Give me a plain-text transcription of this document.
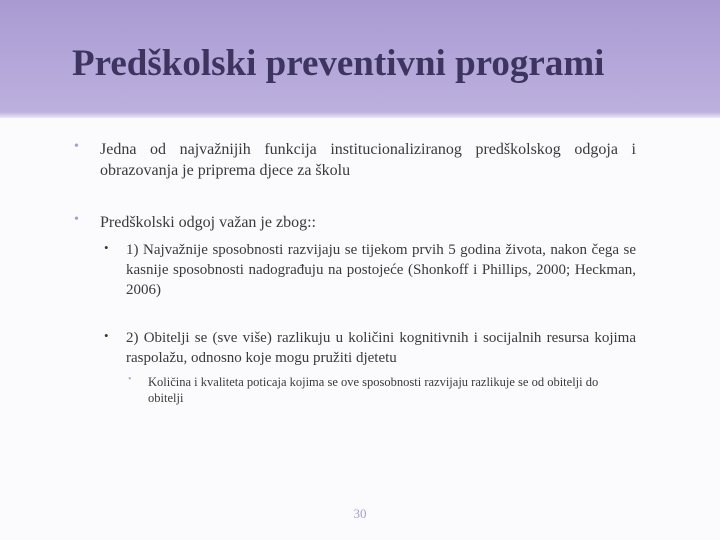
Predškolski preventivni programi
•	Jedna od najvažnijih funkcija institucionaliziranog predškolskog odgoja i obrazovanja je priprema djece za školu
•	Predškolski odgoj važan je zbog::
•	1) Najvažnije sposobnosti razvijaju se tijekom prvih 5 godina života, nakon čega se kasnije sposobnosti nadograđuju na postojeće (Shonkoff i Phillips, 2000; Heckman, 2006)
•	2) Obitelji se (sve više) razlikuju u količini kognitivnih i socijalnih resursa kojima raspolažu, odnosno koje mogu pružiti djetetu
•	Količina i kvaliteta poticaja kojima se ove sposobnosti razvijaju razlikuje se od obitelji do obitelji
30
